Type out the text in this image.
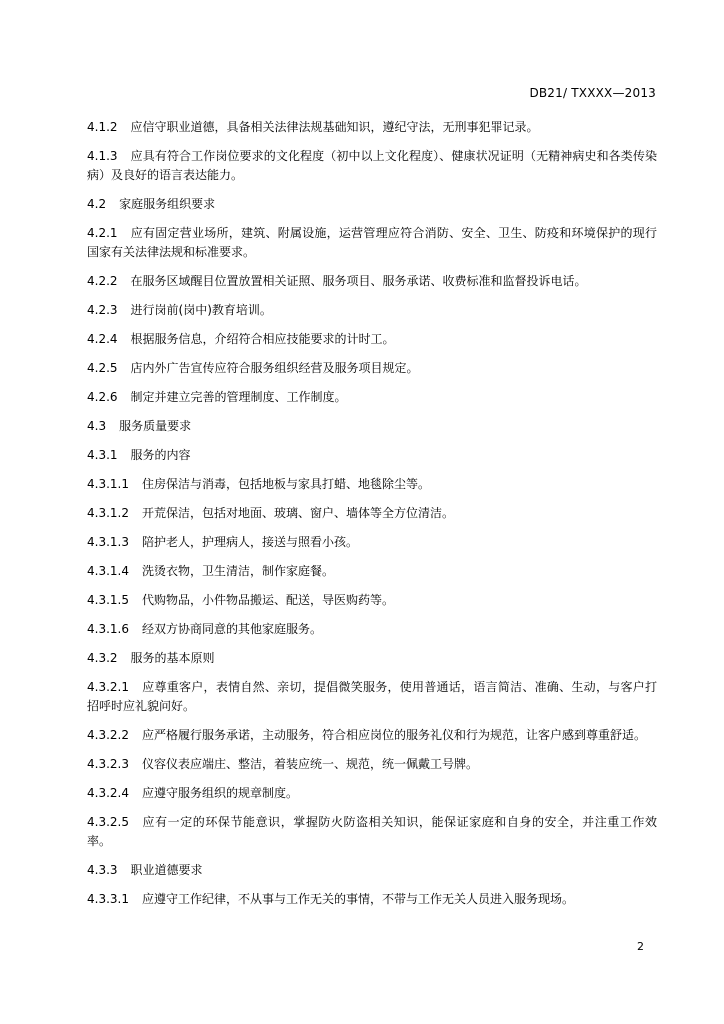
DB21/ TXXXX—2013

4.1.2 应信守职业道德，具备相关法律法规基础知识，遵纪守法，无刑事犯罪记录。

4.1.3 应具有符合工作岗位要求的文化程度（初中以上文化程度）、健康状况证明（无精神病史和各类传染病）及良好的语言表达能力。

4.2 家庭服务组织要求

4.2.1 应有固定营业场所，建筑、附属设施，运营管理应符合消防、安全、卫生、防疫和环境保护的现行国家有关法律法规和标准要求。

4.2.2 在服务区域醒目位置放置相关证照、服务项目、服务承诺、收费标准和监督投诉电话。

4.2.3 进行岗前(岗中)教育培训。

4.2.4 根据服务信息，介绍符合相应技能要求的计时工。

4.2.5 店内外广告宣传应符合服务组织经营及服务项目规定。

4.2.6 制定并建立完善的管理制度、工作制度。

4.3 服务质量要求

4.3.1 服务的内容

4.3.1.1 住房保洁与消毒，包括地板与家具打蜡、地毯除尘等。

4.3.1.2 开荒保洁，包括对地面、玻璃、窗户、墙体等全方位清洁。

4.3.1.3 陪护老人，护理病人，接送与照看小孩。

4.3.1.4 洗烫衣物，卫生清洁，制作家庭餐。

4.3.1.5 代购物品，小件物品搬运、配送，导医购药等。

4.3.1.6 经双方协商同意的其他家庭服务。

4.3.2 服务的基本原则

4.3.2.1 应尊重客户，表情自然、亲切，提倡微笑服务，使用普通话，语言简洁、准确、生动，与客户打招呼时应礼貌问好。

4.3.2.2 应严格履行服务承诺，主动服务，符合相应岗位的服务礼仪和行为规范，让客户感到尊重舒适。

4.3.2.3 仪容仪表应端庄、整洁，着装应统一、规范，统一佩戴工号牌。

4.3.2.4 应遵守服务组织的规章制度。

4.3.2.5 应有一定的环保节能意识，掌握防火防盗相关知识，能保证家庭和自身的安全，并注重工作效率。

4.3.3 职业道德要求

4.3.3.1 应遵守工作纪律，不从事与工作无关的事情，不带与工作无关人员进入服务现场。

2
